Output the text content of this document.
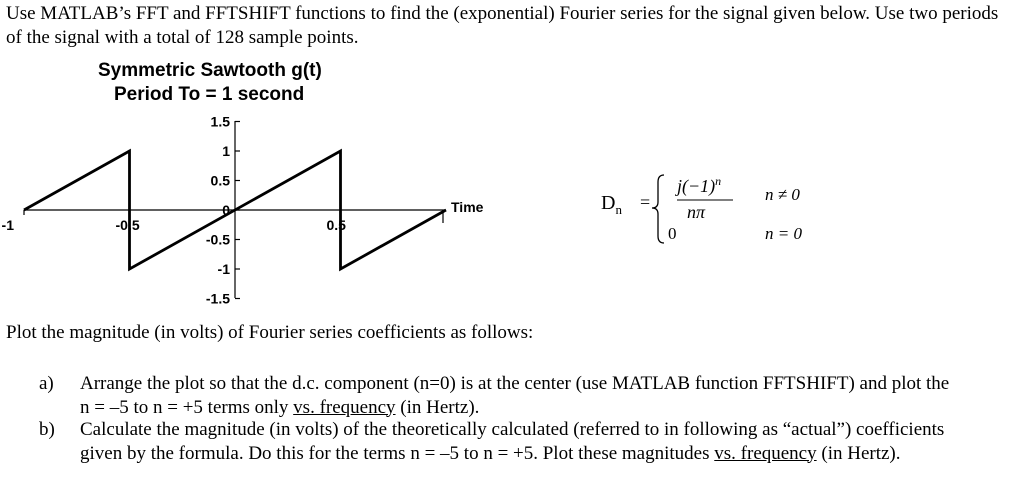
Use MATLAB’s FFT and FFTSHIFT functions to find the (exponential) Fourier series for the signal given below. Use two periods of the signal with a total of 128 sample points.
Symmetric Sawtooth g(t)
Period To = 1 second
1.5
1
0.5
0
-0.5
-1
-1.5
-1	-0.5	0.5
Time	$D_n$ =
$j(-1)^n$
nπ
n ≠ 0
0	n = 0
Plot the magnitude (in volts) of Fourier series coefficients as follows:
a) Arrange the plot so that the d.c. component (n=0) is at the center (use MATLAB function FFTSHIFT) and plot the n = –5 to n = +5 terms only vs. frequency (in Hertz).
b) Calculate the magnitude (in volts) of the theoretically calculated (referred to in following as “actual”) coefficients given by the formula. Do this for the terms n = –5 to n = +5. Plot these magnitudes vs. frequency (in Hertz).
